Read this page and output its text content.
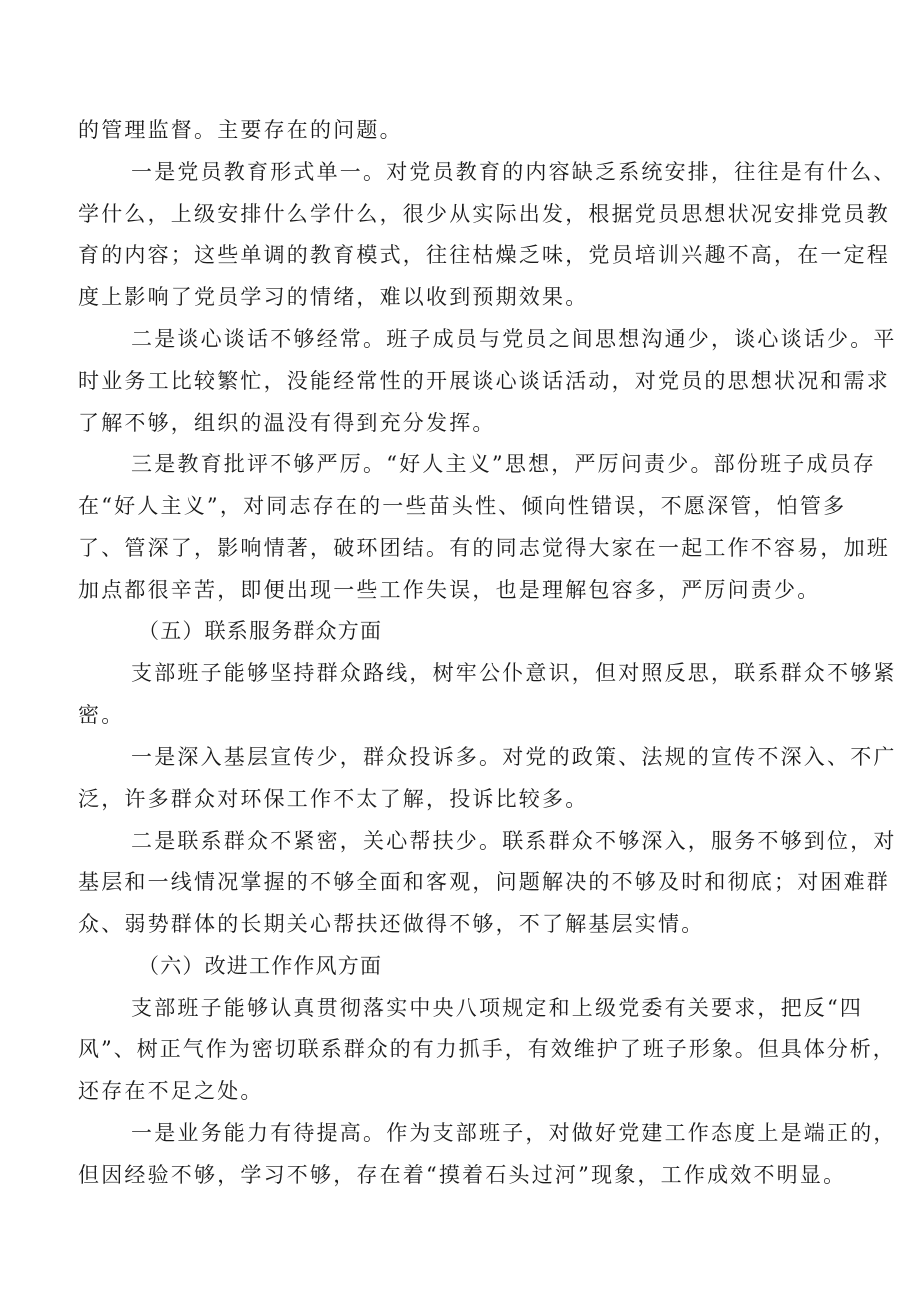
的管理监督。主要存在的问题。
一是党员教育形式单一。对党员教育的内容缺乏系统安排，往往是有什么、
学什么，上级安排什么学什么，很少从实际出发，根据党员思想状况安排党员教
育的内容；这些单调的教育模式，往往枯燥乏味，党员培训兴趣不高，在一定程
度上影响了党员学习的情绪，难以收到预期效果。
二是谈心谈话不够经常。班子成员与党员之间思想沟通少，谈心谈话少。平
时业务工比较繁忙，没能经常性的开展谈心谈话活动，对党员的思想状况和需求
了解不够，组织的温没有得到充分发挥。
三是教育批评不够严厉。“好人主义”思想，严厉问责少。部份班子成员存
在“好人主义”，对同志存在的一些苗头性、倾向性错误，不愿深管，怕管多
了、管深了，影响情著，破环团结。有的同志觉得大家在一起工作不容易，加班
加点都很辛苦，即便出现一些工作失误，也是理解包容多，严厉问责少。
（五）联系服务群众方面
支部班子能够坚持群众路线，树牢公仆意识，但对照反思，联系群众不够紧
密。
一是深入基层宣传少，群众投诉多。对党的政策、法规的宣传不深入、不广
泛，许多群众对环保工作不太了解，投诉比较多。
二是联系群众不紧密，关心帮扶少。联系群众不够深入，服务不够到位，对
基层和一线情况掌握的不够全面和客观，问题解决的不够及时和彻底；对困难群
众、弱势群体的长期关心帮扶还做得不够，不了解基层实情。
（六）改进工作作风方面
支部班子能够认真贯彻落实中央八项规定和上级党委有关要求，把反“四
风”、树正气作为密切联系群众的有力抓手，有效维护了班子形象。但具体分析，
还存在不足之处。
一是业务能力有待提高。作为支部班子，对做好党建工作态度上是端正的，
但因经验不够，学习不够，存在着“摸着石头过河”现象，工作成效不明显。
